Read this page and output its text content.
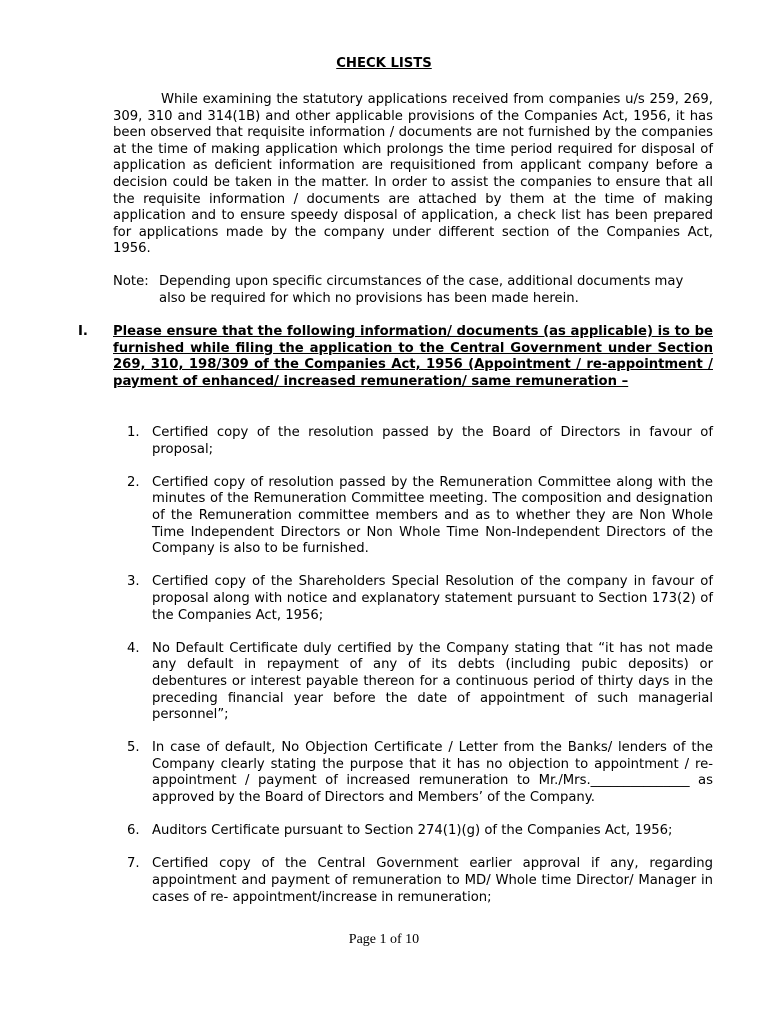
CHECK LISTS

While examining the statutory applications received from companies u/s 259, 269, 309, 310 and 314(1B) and other applicable provisions of the Companies Act, 1956, it has been observed that requisite information / documents are not furnished by the companies at the time of making application which prolongs the time period required for disposal of application as deficient information are requisitioned from applicant company before a decision could be taken in the matter. In order to assist the companies to ensure that all the requisite information / documents are attached by them at the time of making application and to ensure speedy disposal of application, a check list has been prepared for applications made by the company under different section of the Companies Act, 1956.

Note: Depending upon specific circumstances of the case, additional documents may also be required for which no provisions has been made herein.
I.	Please ensure that the following information/ documents (as applicable) is to be furnished while filing the application to the Central Government under Section 269, 310, 198/309 of the Companies Act, 1956 (Appointment / re-appointment / payment of enhanced/ increased remuneration/ same remuneration –
1. Certified copy of the resolution passed by the Board of Directors in favour of proposal;
2. Certified copy of resolution passed by the Remuneration Committee along with the minutes of the Remuneration Committee meeting. The composition and designation of the Remuneration committee members and as to whether they are Non Whole Time Independent Directors or Non Whole Time Non-Independent Directors of the Company is also to be furnished.
3. Certified copy of the Shareholders Special Resolution of the company in favour of proposal along with notice and explanatory statement pursuant to Section 173(2) of the Companies Act, 1956;
4. No Default Certificate duly certified by the Company stating that “it has not made any default in repayment of any of its debts (including pubic deposits) or debentures or interest payable thereon for a continuous period of thirty days in the preceding financial year before the date of appointment of such managerial personnel”;
5. In case of default, No Objection Certificate / Letter from the Banks/ lenders of the Company clearly stating the purpose that it has no objection to appointment / re-appointment / payment of increased remuneration to Mr./Mrs._______________ as approved by the Board of Directors and Members’ of the Company.
6. Auditors Certificate pursuant to Section 274(1)(g) of the Companies Act, 1956;
7. Certified copy of the Central Government earlier approval if any, regarding appointment and payment of remuneration to MD/ Whole time Director/ Manager in cases of re- appointment/increase in remuneration;
Page 1 of 10
